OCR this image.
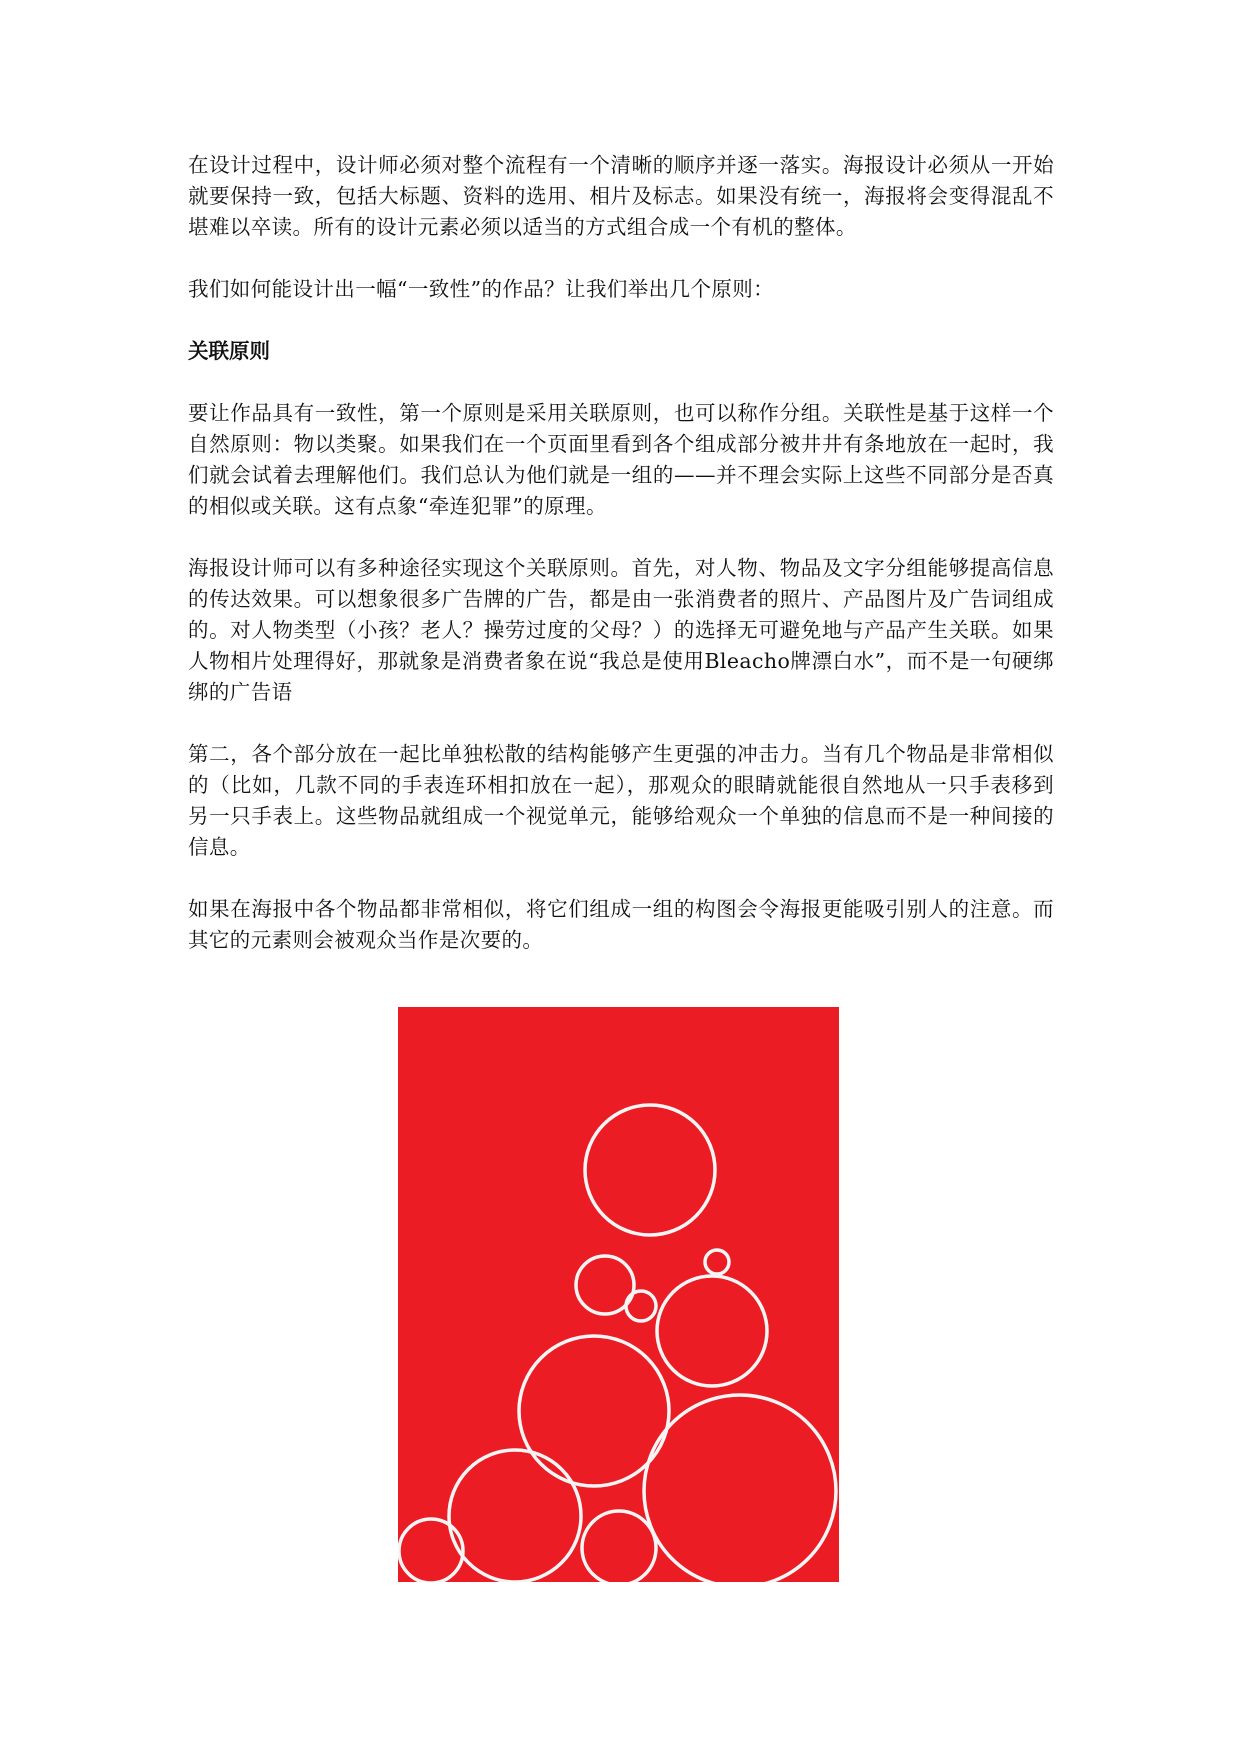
在设计过程中，设计师必须对整个流程有一个清晰的顺序并逐一落实。海报设计必须从一开始就要保持一致，包括大标题、资料的选用、相片及标志。如果没有统一，海报将会变得混乱不堪难以卒读。所有的设计元素必须以适当的方式组合成一个有机的整体。

我们如何能设计出一幅“一致性”的作品？让我们举出几个原则：

关联原则

要让作品具有一致性，第一个原则是采用关联原则，也可以称作分组。关联性是基于这样一个自然原则：物以类聚。如果我们在一个页面里看到各个组成部分被井井有条地放在一起时，我们就会试着去理解他们。我们总认为他们就是一组的——并不理会实际上这些不同部分是否真的相似或关联。这有点象“牵连犯罪”的原理。

海报设计师可以有多种途径实现这个关联原则。首先，对人物、物品及文字分组能够提高信息的传达效果。可以想象很多广告牌的广告，都是由一张消费者的照片、产品图片及广告词组成的。对人物类型（小孩？老人？操劳过度的父母？）的选择无可避免地与产品产生关联。如果人物相片处理得好，那就象是消费者象在说“我总是使用Bleacho牌漂白水”，而不是一句硬绑绑的广告语

第二，各个部分放在一起比单独松散的结构能够产生更强的冲击力。当有几个物品是非常相似的（比如，几款不同的手表连环相扣放在一起），那观众的眼睛就能很自然地从一只手表移到另一只手表上。这些物品就组成一个视觉单元，能够给观众一个单独的信息而不是一种间接的信息。

如果在海报中各个物品都非常相似，将它们组成一组的构图会令海报更能吸引别人的注意。而其它的元素则会被观众当作是次要的。
